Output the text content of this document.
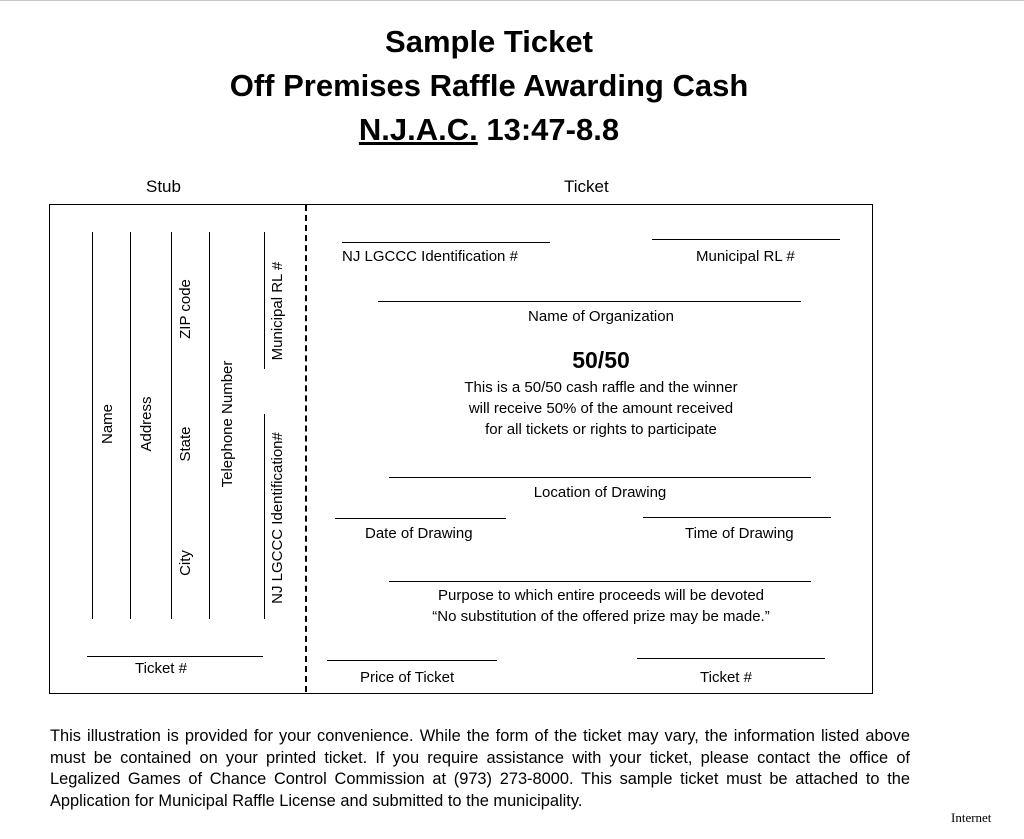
Sample Ticket
Off Premises Raffle Awarding Cash
N.J.A.C. 13:47-8.8
Stub	Ticket
Name Address
ZIP code
State
City
Telephone Number
Municipal RL #
NJ LGCCC Identification#
Ticket #
NJ LGCCC Identification #	Municipal RL #
Name of Organization
50/50
This is a 50/50 cash raffle and the winner
will receive 50% of the amount received
for all tickets or rights to participate
Location of Drawing
Date of Drawing	Time of Drawing
Purpose to which entire proceeds will be devoted
“No substitution of the offered prize may be made.”
Price of Ticket	Ticket #

This illustration is provided for your convenience. While the form of the ticket may vary, the information listed above must be contained on your printed ticket. If you require assistance with your ticket, please contact the office of Legalized Games of Chance Control Commission at (973) 273-8000. This sample ticket must be attached to the Application for Municipal Raffle License and submitted to the municipality.

Internet
